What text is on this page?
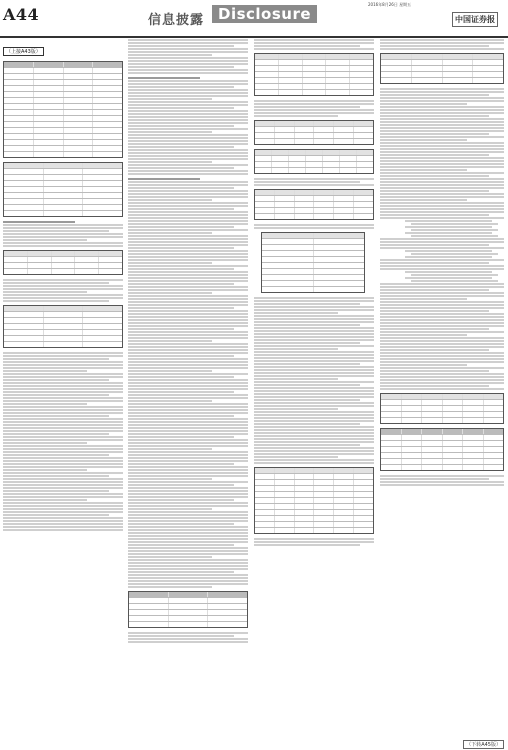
A44	信息披露 Disclosure
2016年8月26日 星期五
中国证券报
（上接A43版）
（下转A45版）
